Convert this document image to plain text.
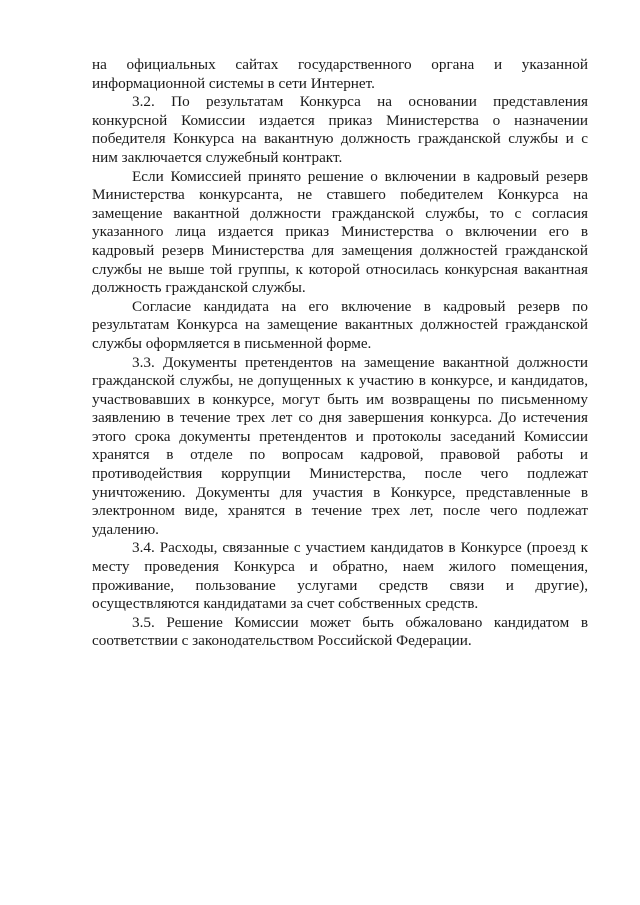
на официальных сайтах государственного органа и указанной информационной системы в сети Интернет.

3.2. По результатам Конкурса на основании представления конкурсной Комиссии издается приказ Министерства о назначении победителя Конкурса на вакантную должность гражданской службы и с ним заключается служебный контракт.

Если Комиссией принято решение о включении в кадровый резерв Министерства конкурсанта, не ставшего победителем Конкурса на замещение вакантной должности гражданской службы, то с согласия указанного лица издается приказ Министерства о включении его в кадровый резерв Министерства для замещения должностей гражданской службы не выше той группы, к которой относилась конкурсная вакантная должность гражданской службы.

Согласие кандидата на его включение в кадровый резерв по результатам Конкурса на замещение вакантных должностей гражданской службы оформляется в письменной форме.

3.3. Документы претендентов на замещение вакантной должности гражданской службы, не допущенных к участию в конкурсе, и кандидатов, участвовавших в конкурсе, могут быть им возвращены по письменному заявлению в течение трех лет со дня завершения конкурса. До истечения этого срока документы претендентов и протоколы заседаний Комиссии хранятся в отделе по вопросам кадровой, правовой работы и противодействия коррупции Министерства, после чего подлежат уничтожению. Документы для участия в Конкурсе, представленные в электронном виде, хранятся в течение трех лет, после чего подлежат удалению.

3.4. Расходы, связанные с участием кандидатов в Конкурсе (проезд к месту проведения Конкурса и обратно, наем жилого помещения, проживание, пользование услугами средств связи и другие), осуществляются кандидатами за счет собственных средств.

3.5. Решение Комиссии может быть обжаловано кандидатом в соответствии с законодательством Российской Федерации.
